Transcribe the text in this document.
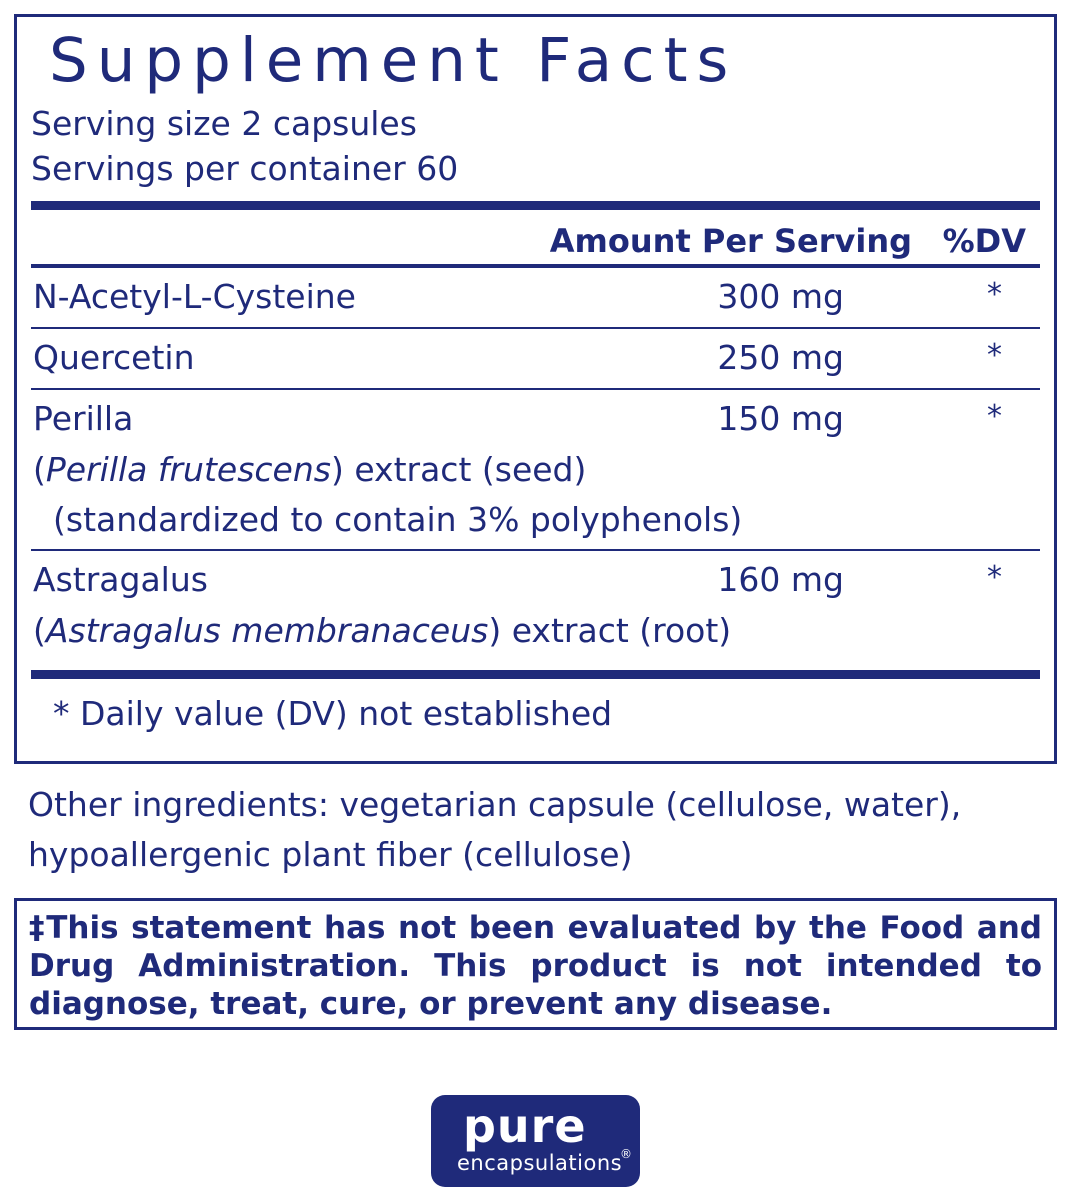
Supplement Facts
Serving size 2 capsules
Servings per container 60
Amount Per Serving %DV
N-Acetyl-L-Cysteine	300 mg	*
Quercetin	250 mg	*
Perilla	150 mg	*
(Perilla frutescens) extract (seed)
(standardized to contain 3% polyphenols)
Astragalus	160 mg	*
(Astragalus membranaceus) extract (root)
* Daily value (DV) not established
Other ingredients: vegetarian capsule (cellulose, water), hypoallergenic plant fiber (cellulose)
‡This statement has not been evaluated by the Food and Drug Administration. This product is not intended to diagnose, treat, cure, or prevent any disease.
pure
encapsulations
®
